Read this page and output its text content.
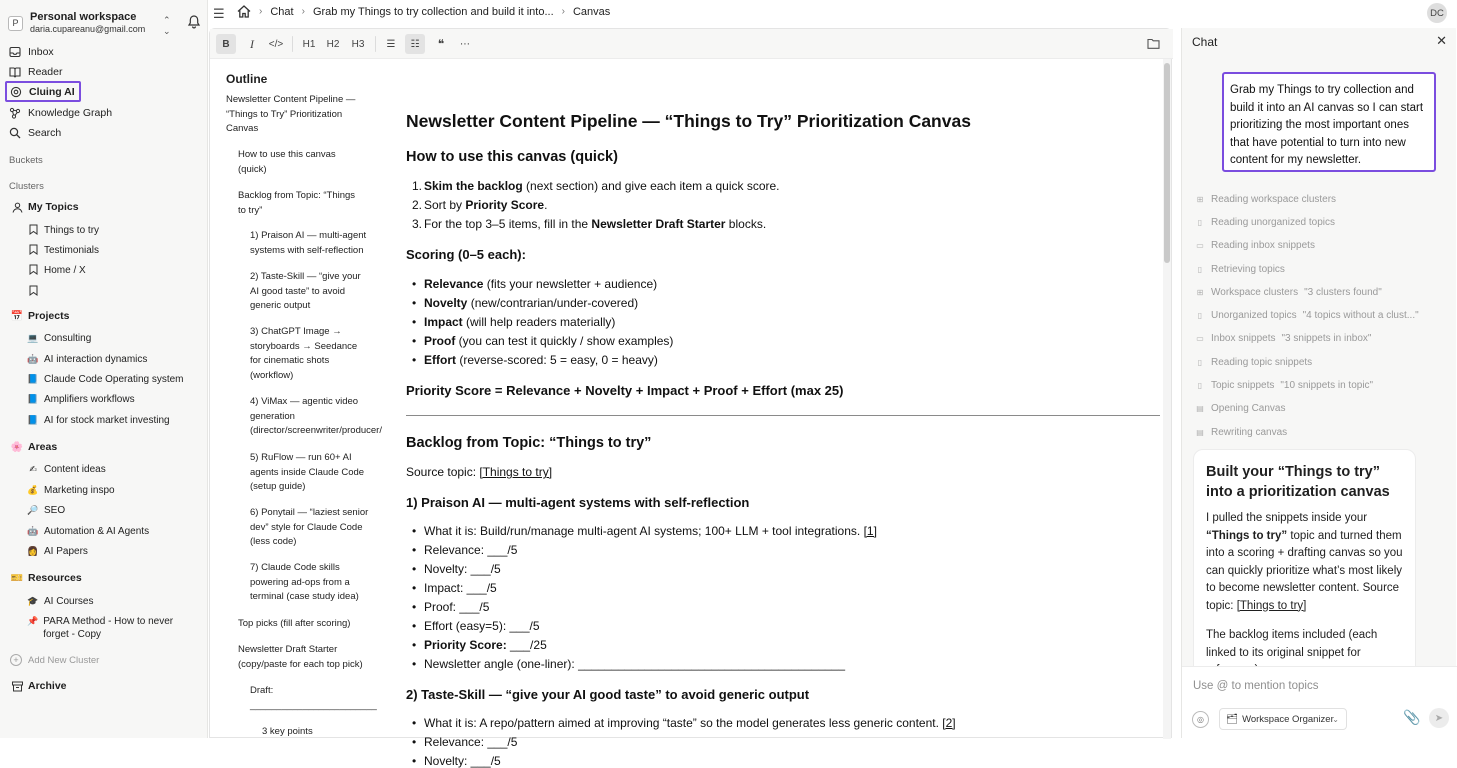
P	Personal workspace
daria.cupareanu@gmail.com
⌃
⌄
Inbox
Reader
Cluing AI
Knowledge Graph
Search
Buckets
Clusters
My Topics
Things to try
Testimonials
Home / X
📅 Projects
💻 Consulting
🤖 AI interaction dynamics
📘 Claude Code Operating system
📘 Amplifiers workflows
📘 AI for stock market investing
🌸 Areas
✍ Content ideas
💰 Marketing inspo
🔎 SEO
🤖 Automation & AI Agents
👩 AI Papers
🎫 Resources
🎓 AI Courses
📌 PARA Method - How to never forget - Copy
+ Add New Cluster
Archive
☰	› Chat › Grab my Things to try collection and build it into... › Canvas	DC
B	I	</>	H1	H2	H3	☰	☷	❝	⋯
Outline
Newsletter Content Pipeline — “Things to Try” Prioritization Canvas
How to use this canvas (quick)
Backlog from Topic: “Things to try”
1) Praison AI — multi-agent systems with self-reflection
2) Taste-Skill — “give your AI good taste” to avoid generic output
3) ChatGPT Image → storyboards → Seedance for cinematic shots (workflow)
4) ViMax — agentic video generation (director/screenwriter/producer/
5) RuFlow — run 60+ AI agents inside Claude Code (setup guide)
6) Ponytail — “laziest senior dev” style for Claude Code (less code)
7) Claude Code skills powering ad-ops from a terminal (case study idea)
Top picks (fill after scoring)
Newsletter Draft Starter (copy/paste for each top pick)
Draft:
________________________
3 key points
Newsletter Content Pipeline — “Things to Try” Prioritization Canvas
How to use this canvas (quick)
1. Skim the backlog (next section) and give each item a quick score.
2. Sort by Priority Score.
3. For the top 3–5 items, fill in the Newsletter Draft Starter blocks.
Scoring (0–5 each):
• Relevance (fits your newsletter + audience)
• Novelty (new/contrarian/under-covered)
• Impact (will help readers materially)
• Proof (you can test it quickly / show examples)
• Effort (reverse-scored: 5 = easy, 0 = heavy)
Priority Score = Relevance + Novelty + Impact + Proof + Effort (max 25)
Backlog from Topic: “Things to try”
Source topic: [Things to try]
1) Praison AI — multi-agent systems with self-reflection
• What it is: Build/run/manage multi-agent AI systems; 100+ LLM + tool integrations. [1]
• Relevance: ___/5
• Novelty: ___/5
• Impact: ___/5
• Proof: ___/5
• Effort (easy=5): ___/5
• Priority Score: ___/25
• Newsletter angle (one-liner): ________________________________________
2) Taste-Skill — “give your AI good taste” to avoid generic output
• What it is: A repo/pattern aimed at improving “taste” so the model generates less generic content. [2]
• Relevance: ___/5
• Novelty: ___/5
Chat	✕
Grab my Things to try collection and build it into an AI canvas so I can start prioritizing the most important ones that have potential to turn into new content for my newsletter.
⊞ Reading workspace clusters
▯ Reading unorganized topics
▭ Reading inbox snippets
▯ Retrieving topics
⊞ Workspace clusters "3 clusters found"
▯ Unorganized topics "4 topics without a clust..."
▭ Inbox snippets "3 snippets in inbox"
▯ Reading topic snippets
▯ Topic snippets "10 snippets in topic"
▤ Opening Canvas
▤ Rewriting canvas
Built your “Things to try” into a prioritization canvas

I pulled the snippets inside your “Things to try” topic and turned them into a scoring + drafting canvas so you can quickly prioritize what’s most likely to become newsletter content. Source topic: [Things to try]

The backlog items included (each linked to its original snippet for

Use @ to mention topics
◎	🗂 Workspace Organizer
⌄	📎	➤
